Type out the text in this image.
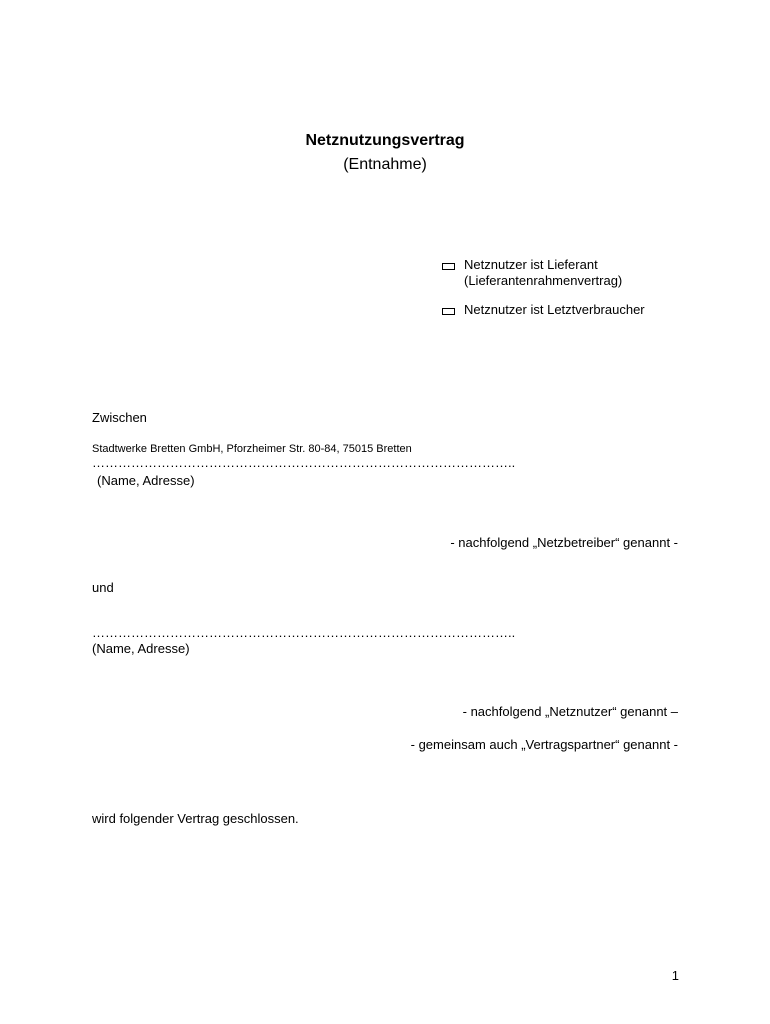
Netznutzungsvertrag
(Entnahme)
Netznutzer ist Lieferant
(Lieferantenrahmenvertrag)
Netznutzer ist Letztverbraucher
Zwischen
Stadtwerke Bretten GmbH, Pforzheimer Str. 80-84, 75015 Bretten
……………………………………………………………………………………..
(Name, Adresse)
- nachfolgend „Netzbetreiber“ genannt -
und
……………………………………………………………………………………..
(Name, Adresse)
- nachfolgend „Netznutzer“ genannt –
- gemeinsam auch „Vertragspartner“ genannt -
wird folgender Vertrag geschlossen.
1
